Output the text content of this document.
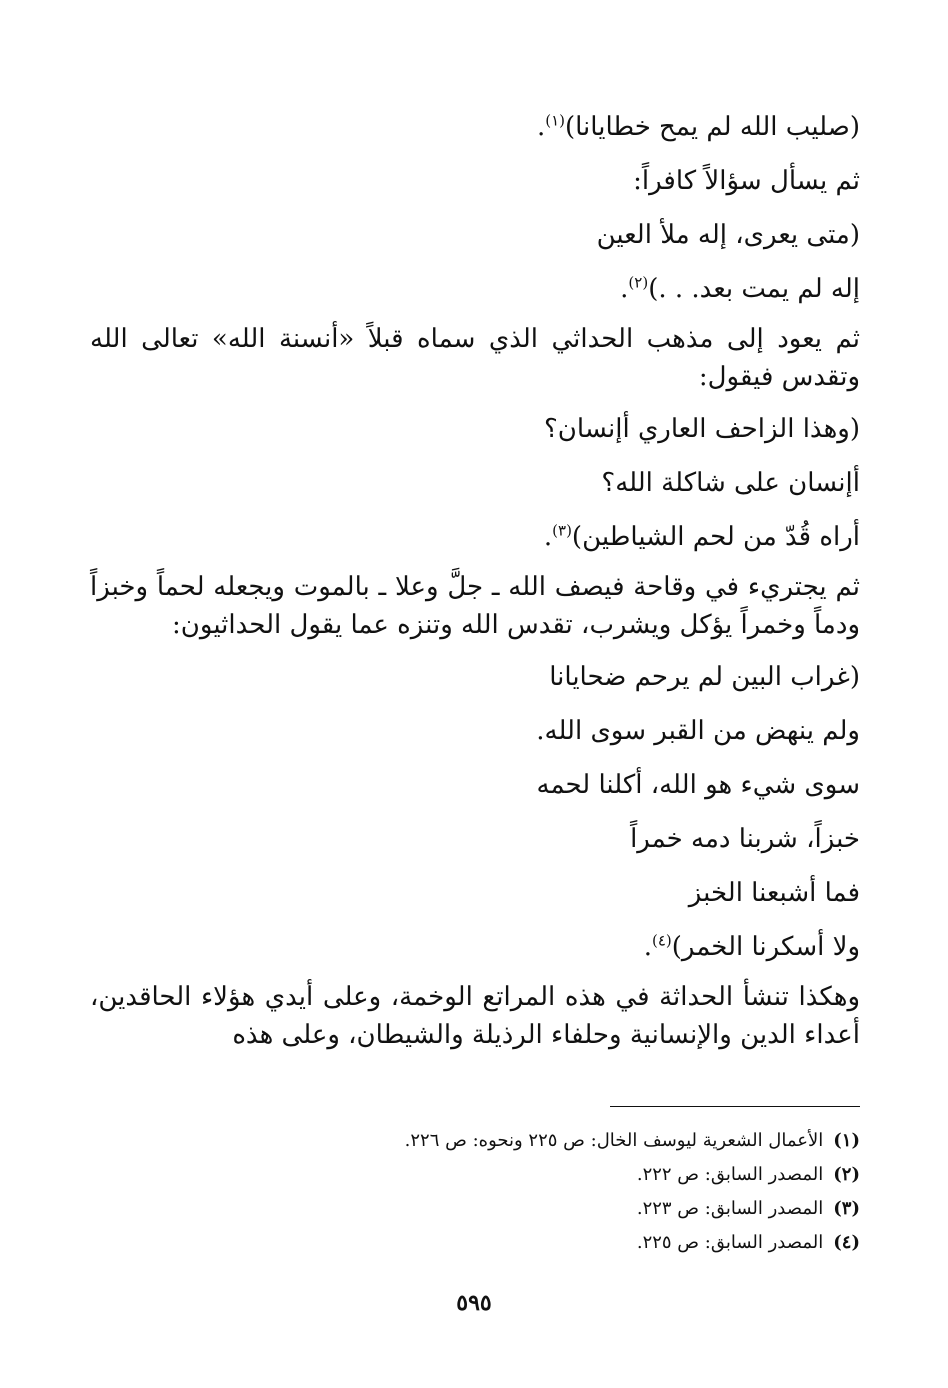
(صليب الله لم يمح خطايانا)$^{(١)}$.
ثم يسأل سؤالاً كافراً:
(متى يعرى، إله ملأ العين
إله لم يمت بعد. . .)$^{(٢)}$.

ثم يعود إلى مذهب الحداثي الذي سماه قبلاً «أنسنة الله» تعالى الله وتقدس فيقول:

(وهذا الزاحف العاري أإنسان؟
أإنسان على شاكلة الله؟
أراه قُدّ من لحم الشياطين)$^{(٣)}$.

ثم يجتريء في وقاحة فيصف الله ـ جلَّ وعلا ـ بالموت ويجعله لحماً وخبزاً ودماً وخمراً يؤكل ويشرب، تقدس الله وتنزه عما يقول الحداثيون:

(غراب البين لم يرحم ضحايانا
ولم ينهض من القبر سوى الله.
سوى شيء هو الله، أكلنا لحمه
خبزاً، شربنا دمه خمراً
فما أشبعنا الخبز
ولا أسكرنا الخمر)$^{(٤)}$.

وهكذا تنشأ الحداثة في هذه المراتع الوخمة، وعلى أيدي هؤلاء الحاقدين، أعداء الدين والإنسانية وحلفاء الرذيلة والشيطان، وعلى هذه

(١)الأعمال الشعرية ليوسف الخال: ص ٢٢٥ ونحوه: ص ٢٢٦.
(٢)المصدر السابق: ص ٢٢٢.
(٣)المصدر السابق: ص ٢٢٣.
(٤)المصدر السابق: ص ٢٢٥.
٥٩٥
